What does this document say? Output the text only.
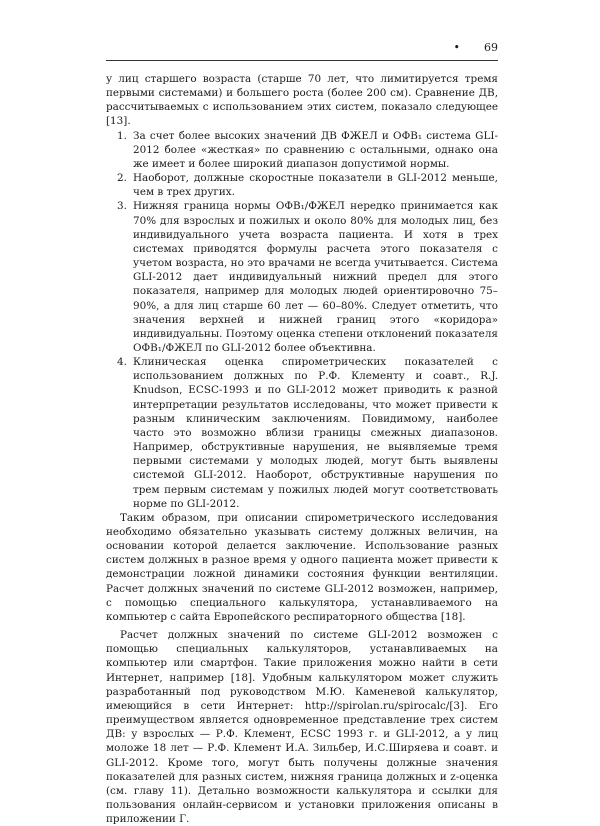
• 69

у лиц старшего возраста (старше 70 лет, что лимитируется тремя первыми системами) и большего роста (более 200 см). Сравнение ДВ, рассчитываемых с использованием этих систем, показало следующее [13].

1. За счет более высоких значений ДВ ФЖЕЛ и ОФВ₁ система GLI-2012 более «жесткая» по сравнению с остальными, однако она же имеет и более широкий диапазон допустимой нормы.
2. Наоборот, должные скоростные показатели в GLI-2012 меньше, чем в трех других.
3. Нижняя граница нормы ОФВ₁/ФЖЕЛ нередко принимается как 70% для взрослых и пожилых и около 80% для молодых лиц, без индивидуального учета возраста пациента. И хотя в трех системах приводятся формулы расчета этого показателя с учетом возраста, но это врачами не всегда учитывается. Система GLI-2012 дает индивидуальный нижний предел для этого показателя, например для молодых людей ориентировочно 75–90%, а для лиц старше 60 лет — 60–80%. Следует отметить, что значения верхней и нижней границ этого «коридора» индивидуальны. Поэтому оценка степени отклонений показателя ОФВ₁/ФЖЕЛ по GLI-2012 более объективна.
4. Клиническая оценка спирометрических показателей с использованием должных по Р.Ф. Клементу и соавт., R.J. Knudson, ECSC-1993 и по GLI-2012 может приводить к разной интерпретации результатов исследованы, что может привести к разным клиническим заключениям. Повидимому, наиболее часто это возможно вблизи границы смежных диапазонов. Например, обструктивные нарушения, не выявляемые тремя первыми системами у молодых людей, могут быть выявлены системой GLI-2012. Наоборот, обструктивные нарушения по трем первым системам у пожилых людей могут соответствовать норме по GLI-2012.

Таким образом, при описании спирометрического исследования необходимо обязательно указывать систему должных величин, на основании которой делается заключение. Использование разных систем должных в разное время у одного пациента может привести к демонстрации ложной динамики состояния функции вентиляции. Расчет должных значений по системе GLI-2012 возможен, например, с помощью специального калькулятора, устанавливаемого на компьютер с сайта Европейского респираторного общества [18].

Расчет должных значений по системе GLI-2012 возможен с помощью специальных калькуляторов, устанавливаемых на компьютер или смартфон. Такие приложения можно найти в сети Интернет, например [18]. Удобным калькулятором может служить разработанный под руководством М.Ю. Каменевой калькулятор, имеющийся в сети Интернет: http://spirolan.ru/spirocalc/[3]. Его преимуществом является одновременное представление трех систем ДВ: у взрослых — Р.Ф. Клемент, ECSC 1993 г. и GLI-2012, а у лиц моложе 18 лет — Р.Ф. Клемент И.А. Зильбер, И.С.Ширяева и соавт. и GLI-2012. Кроме того, могут быть получены должные значения показателей для разных систем, нижняя граница должных и z-оценка (см. главу 11). Детально возможности калькулятора и ссылки для пользования онлайн-сервисом и установки приложения описаны в приложении Г.
